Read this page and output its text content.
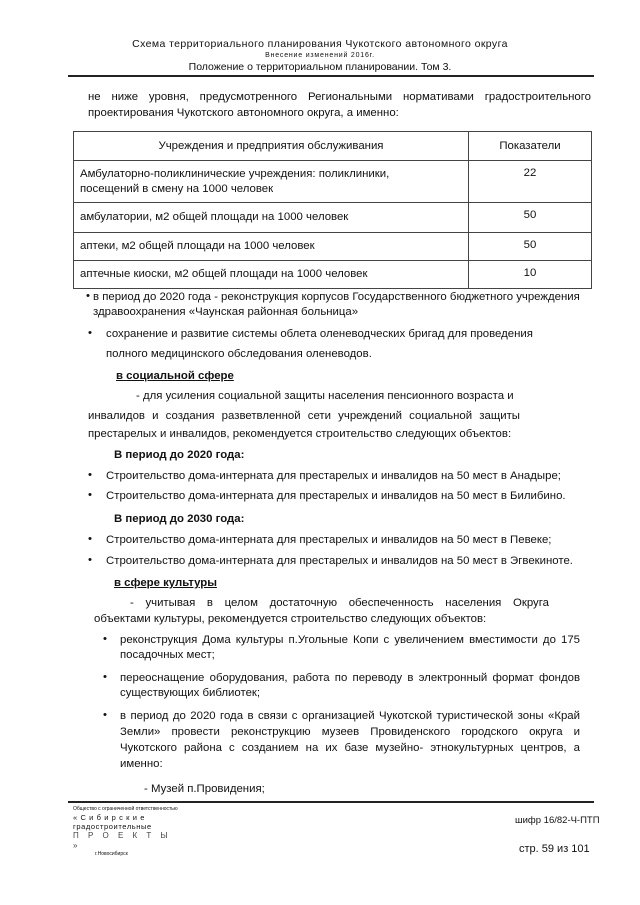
Схема территориального планирования Чукотского автономного округа
Внесение изменений 2016г.
Положение о территориальном планировании. Том 3.
не ниже уровня, предусмотренного Региональными нормативами градостроительного
проектирования Чукотского автономного округа, а именно:
Учреждения и предприятия обслуживания	Показатели

Амбулаторно-поликлинические учреждения: поликлиники,
посещений в смену на 1000 человек	22
амбулатории, м2 общей площади на 1000 человек	50
аптеки, м2 общей площади на 1000 человек	50
аптечные киоски, м2 общей площади на 1000 человек	10
• в период до 2020 года - реконструкция корпусов Государственного бюджетного учреждения
здравоохранения «Чаунская районная больница»
• сохранение и развитие системы облета оленеводческих бригад для проведения
полного медицинского обследования оленеводов.
в социальной сфере
- для усиления социальной защиты населения пенсионного возраста и
инвалидов и создания разветвленной сети учреждений социальной защиты
престарелых и инвалидов, рекомендуется строительство следующих объектов:
В период до 2020 года:
• Строительство дома-интерната для престарелых и инвалидов на 50 мест в Анадыре;
• Строительство дома-интерната для престарелых и инвалидов на 50 мест в Билибино.
В период до 2030 года:
• Строительство дома-интерната для престарелых и инвалидов на 50 мест в Певеке;
• Строительство дома-интерната для престарелых и инвалидов на 50 мест в Эгвекиноте.
в сфере культуры
- учитывая в целом достаточную обеспеченность населения Округа
объектами культуры, рекомендуется строительство следующих объектов:
• реконструкция Дома культуры п.Угольные Копи с увеличением вместимости до 175
посадочных мест;
• переоснащение оборудования, работа по переводу в электронный формат фондов
существующих библиотек;
• в период до 2020 года в связи с организацией Чукотской туристической зоны «Край
Земли» провести реконструкцию музеев Провиденского городского округа и
Чукотского района с созданием на их базе музейно- этнокультурных центров, а
именно:
- Музей п.Провидения;
Общество с ограниченной ответственностью
« С и б и р с к и е
градостроительные
П Р О Е К Т Ы »
г.Новосибирск
шифр 16/82-Ч-ПТП
стр. 59 из 101
